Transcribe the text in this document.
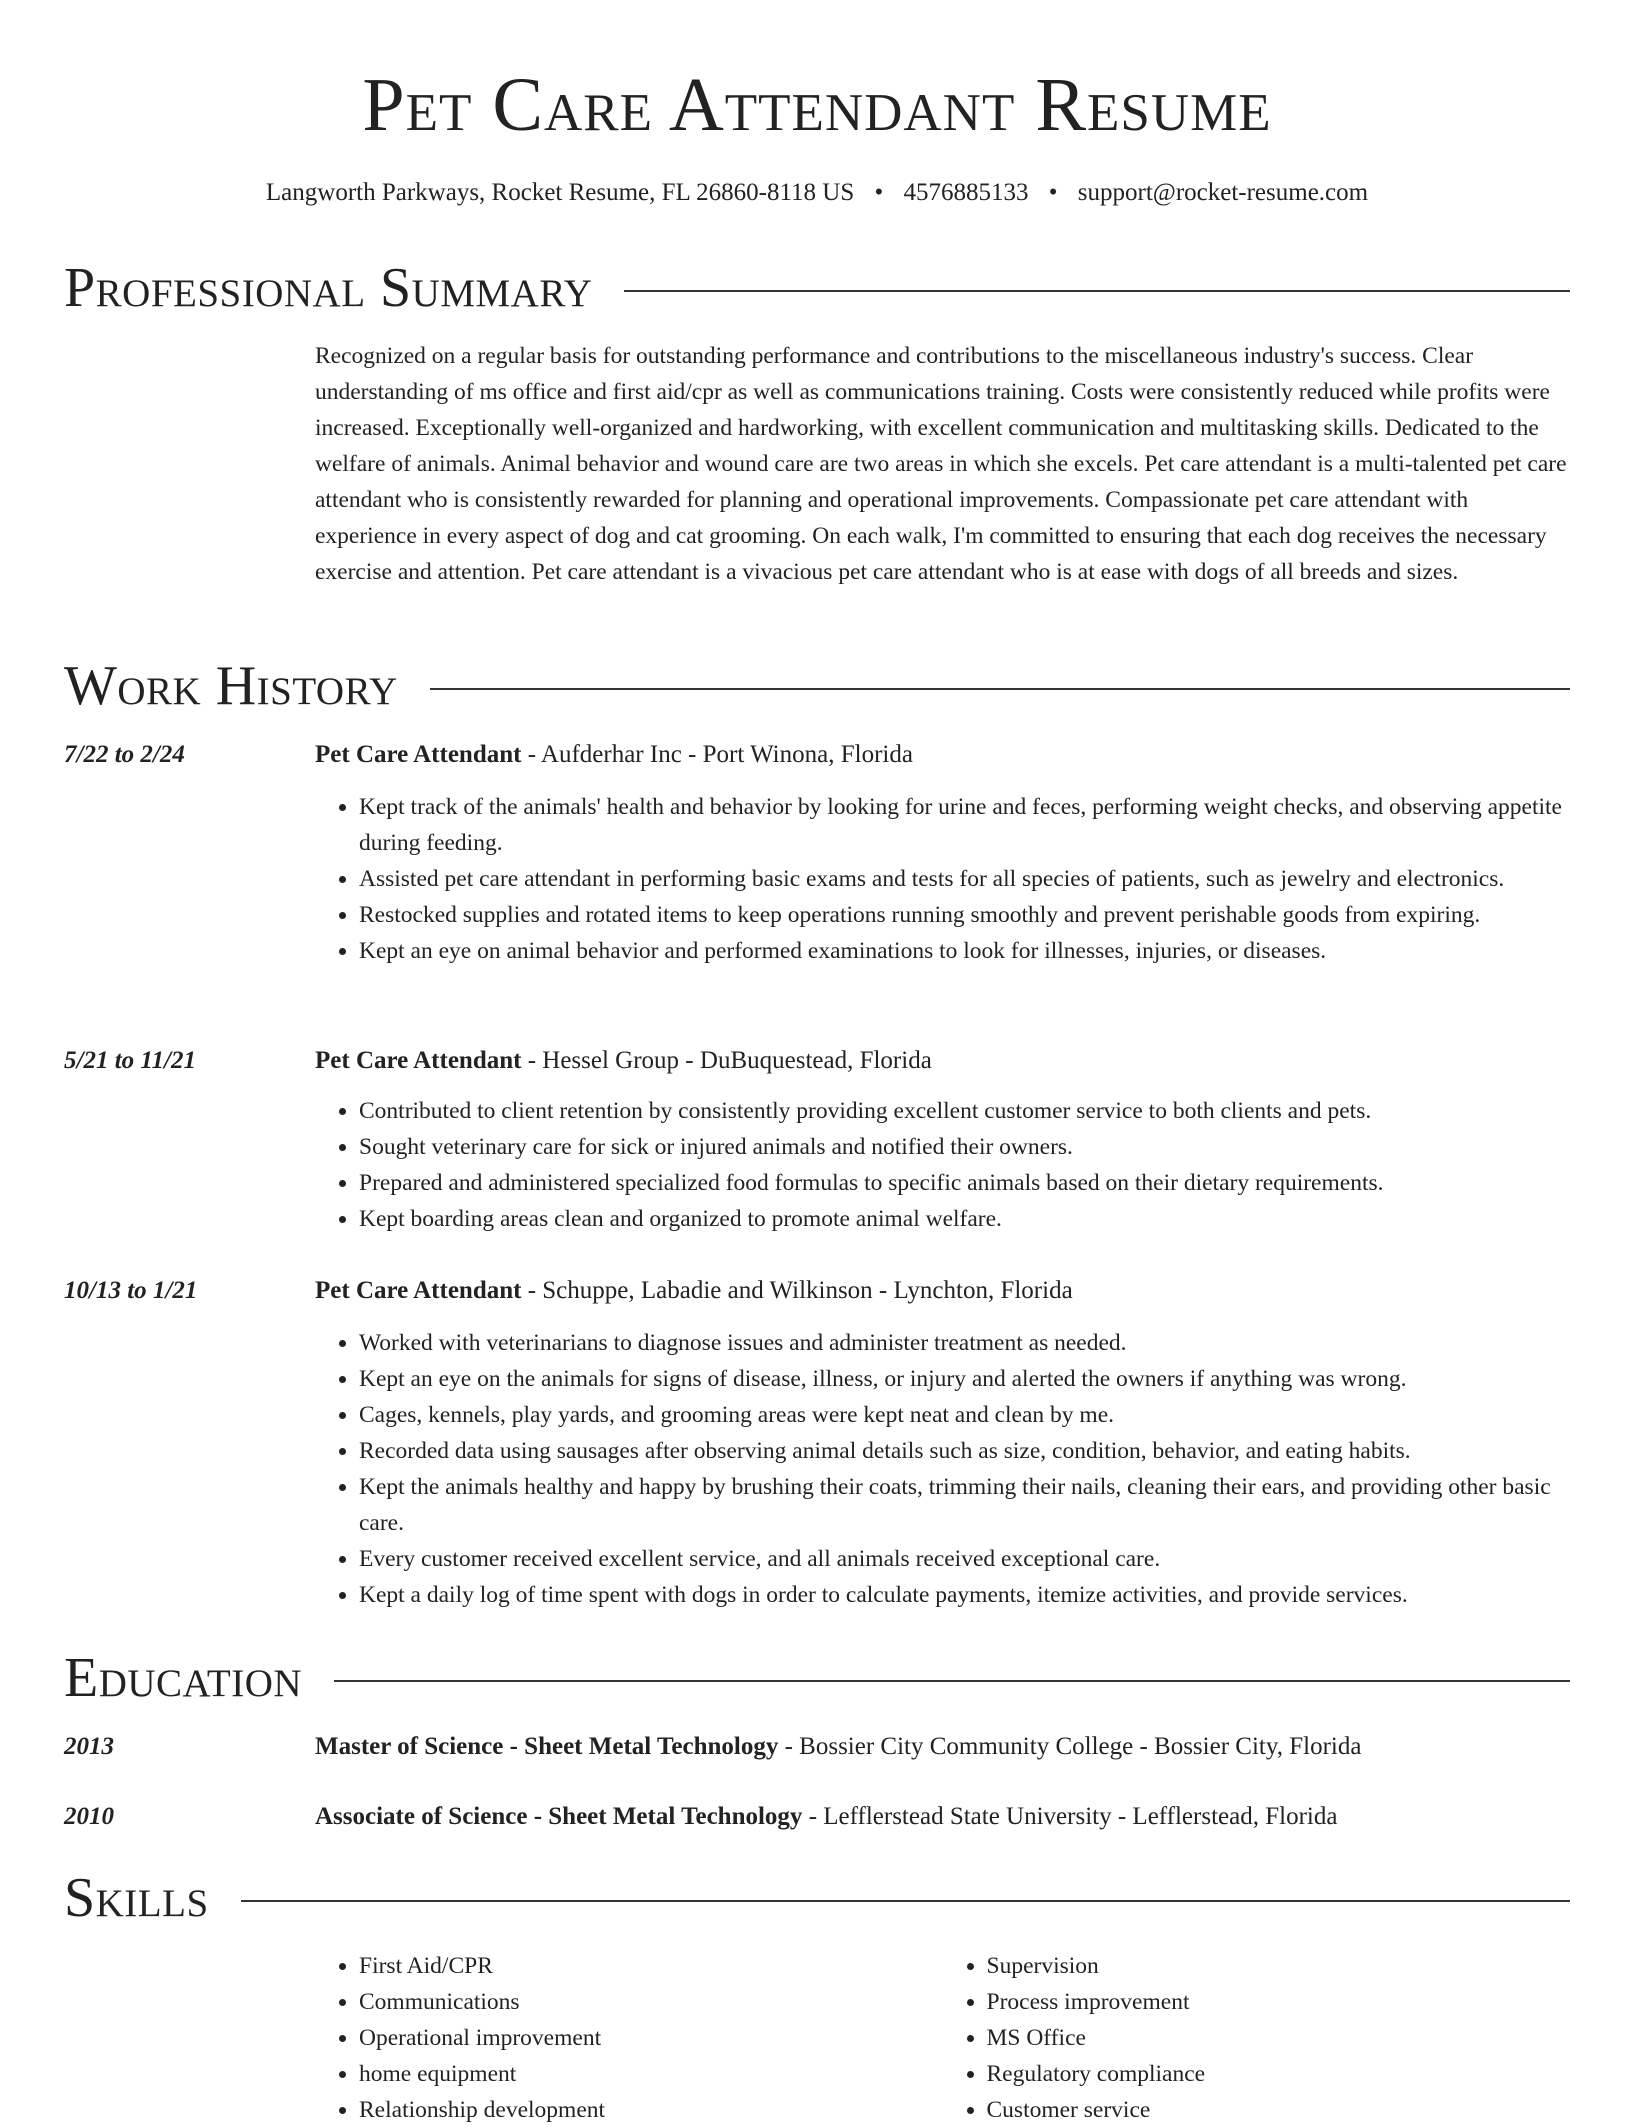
Pet Care Attendant Resume
Langworth Parkways, Rocket Resume, FL 26860-8118 US • 4576885133 • support@rocket-resume.com
Professional Summary
Recognized on a regular basis for outstanding performance and contributions to the miscellaneous industry's success. Clear understanding of ms office and first aid/cpr as well as communications training. Costs were consistently reduced while profits were increased. Exceptionally well-organized and hardworking, with excellent communication and multitasking skills. Dedicated to the welfare of animals. Animal behavior and wound care are two areas in which she excels. Pet care attendant is a multi-talented pet care attendant who is consistently rewarded for planning and operational improvements. Compassionate pet care attendant with experience in every aspect of dog and cat grooming. On each walk, I'm committed to ensuring that each dog receives the necessary exercise and attention. Pet care attendant is a vivacious pet care attendant who is at ease with dogs of all breeds and sizes.
Work History
7/22 to 2/24	Pet Care Attendant - Aufderhar Inc - Port Winona, Florida
• Kept track of the animals' health and behavior by looking for urine and feces, performing weight checks, and observing appetite during feeding.
• Assisted pet care attendant in performing basic exams and tests for all species of patients, such as jewelry and electronics.
• Restocked supplies and rotated items to keep operations running smoothly and prevent perishable goods from expiring.
• Kept an eye on animal behavior and performed examinations to look for illnesses, injuries, or diseases.
5/21 to 11/21	Pet Care Attendant - Hessel Group - DuBuquestead, Florida
• Contributed to client retention by consistently providing excellent customer service to both clients and pets.
• Sought veterinary care for sick or injured animals and notified their owners.
• Prepared and administered specialized food formulas to specific animals based on their dietary requirements.
• Kept boarding areas clean and organized to promote animal welfare.
10/13 to 1/21	Pet Care Attendant - Schuppe, Labadie and Wilkinson - Lynchton, Florida
• Worked with veterinarians to diagnose issues and administer treatment as needed.
• Kept an eye on the animals for signs of disease, illness, or injury and alerted the owners if anything was wrong.
• Cages, kennels, play yards, and grooming areas were kept neat and clean by me.
• Recorded data using sausages after observing animal details such as size, condition, behavior, and eating habits.
• Kept the animals healthy and happy by brushing their coats, trimming their nails, cleaning their ears, and providing other basic care.
• Every customer received excellent service, and all animals received exceptional care.
• Kept a daily log of time spent with dogs in order to calculate payments, itemize activities, and provide services.
Education
2013	Master of Science - Sheet Metal Technology - Bossier City Community College - Bossier City, Florida
2010	Associate of Science - Sheet Metal Technology - Lefflerstead State University - Lefflerstead, Florida
Skills
• First Aid/CPR
• Communications
• Operational improvement
• home equipment
• Relationship development
• Supervision
• Process improvement
• MS Office
• Regulatory compliance
• Customer service
